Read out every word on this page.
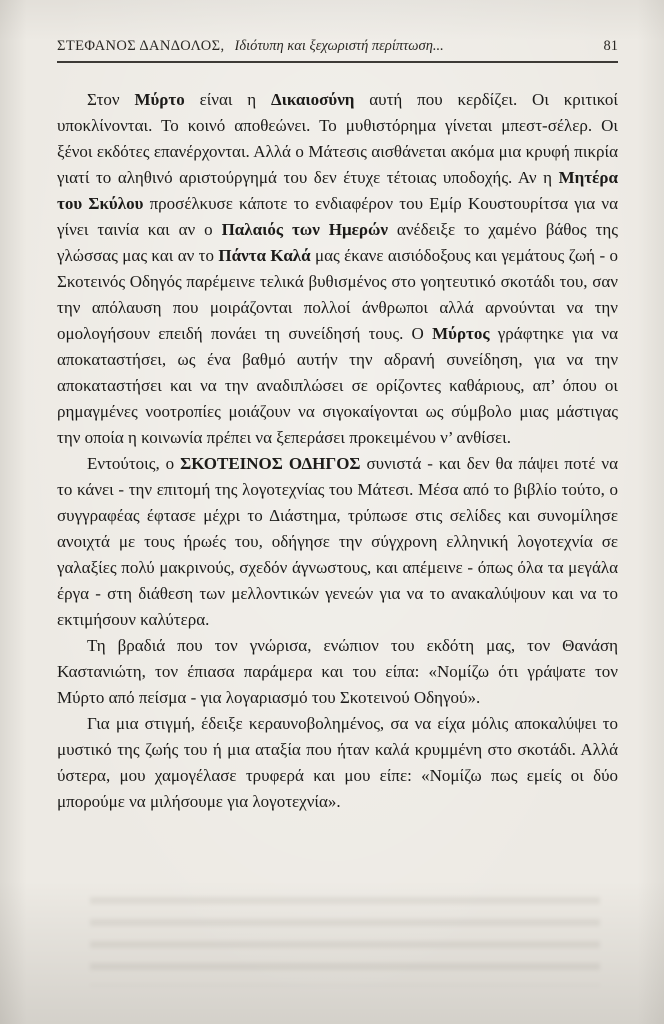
ΣΤΕΦΑΝΟΣ ΔΑΝΔΟΛΟΣ, Ιδιότυπη και ξεχωριστή περίπτωση...	81

Στον Μύρτο είναι η Δικαιοσύνη αυτή που κερδίζει. Οι κριτικοί υποκλίνονται. Το κοινό αποθεώνει. Το μυθιστόρημα γίνεται μπεστ-σέλερ. Οι ξένοι εκδότες επανέρχονται. Αλλά ο Μάτεσις αισθάνεται ακόμα μια κρυφή πικρία γιατί το αληθινό αριστούργημά του δεν έτυχε τέτοιας υποδοχής. Αν η Μητέρα του Σκύλου προσέλκυσε κάποτε το ενδιαφέρον του Εμίρ Κουστουρίτσα για να γίνει ταινία και αν ο Παλαιός των Ημερών ανέδειξε το χαμένο βάθος της γλώσσας μας και αν το Πάντα Καλά μας έκανε αισιόδοξους και γεμάτους ζωή - ο Σκοτεινός Οδηγός παρέμεινε τελικά βυθισμένος στο γοητευτικό σκοτάδι του, σαν την απόλαυση που μοιράζονται πολλοί άνθρωποι αλλά αρνούνται να την ομολογήσουν επειδή πονάει τη συνείδησή τους. Ο Μύρτος γράφτηκε για να αποκαταστήσει, ως ένα βαθμό αυτήν την αδρανή συνείδηση, για να την αποκαταστήσει και να την αναδιπλώσει σε ορίζοντες καθάριους, απ’ όπου οι ρημαγμένες νοοτροπίες μοιάζουν να σιγοκαίγονται ως σύμβολο μιας μάστιγας την οποία η κοινωνία πρέπει να ξεπεράσει προκειμένου ν’ ανθίσει.

Εντούτοις, ο ΣΚΟΤΕΙΝΟΣ ΟΔΗΓΟΣ συνιστά - και δεν θα πάψει ποτέ να το κάνει - την επιτομή της λογοτεχνίας του Μάτεσι. Μέσα από το βιβλίο τούτο, ο συγγραφέας έφτασε μέχρι το Διάστημα, τρύπωσε στις σελίδες και συνομίλησε ανοιχτά με τους ήρωές του, οδήγησε την σύγχρονη ελληνική λογοτεχνία σε γαλαξίες πολύ μακρινούς, σχεδόν άγνωστους, και απέμεινε - όπως όλα τα μεγάλα έργα - στη διάθεση των μελλοντικών γενεών για να το ανακαλύψουν και να το εκτιμήσουν καλύτερα.

Τη βραδιά που τον γνώρισα, ενώπιον του εκδότη μας, τον Θανάση Καστανιώτη, τον έπιασα παράμερα και του είπα: «Νομίζω ότι γράψατε τον Μύρτο από πείσμα - για λογαριασμό του Σκοτεινού Οδηγού».

Για μια στιγμή, έδειξε κεραυνοβολημένος, σα να είχα μόλις αποκαλύψει το μυστικό της ζωής του ή μια αταξία που ήταν καλά κρυμμένη στο σκοτάδι. Αλλά ύστερα, μου χαμογέλασε τρυφερά και μου είπε: «Νομίζω πως εμείς οι δύο μπορούμε να μιλήσουμε για λογοτεχνία».
